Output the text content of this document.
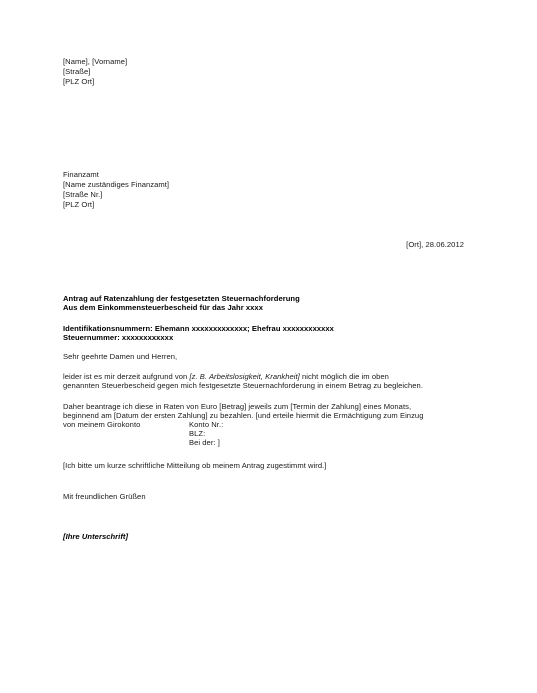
[Name], [Vorname]
[Straße]
[PLZ Ort]
Finanzamt
[Name zuständiges Finanzamt]
[Straße Nr.]
[PLZ Ort]
[Ort], 28.06.2012
Antrag auf Ratenzahlung der festgesetzten Steuernachforderung
Aus dem Einkommensteuerbescheid für das Jahr xxxx
Identifikationsnummern: Ehemann xxxxxxxxxxxxx; Ehefrau xxxxxxxxxxxx
Steuernummer: xxxxxxxxxxxx
Sehr geehrte Damen und Herren,
leider ist es mir derzeit aufgrund von [z. B. Arbeitslosigkeit, Krankheit] nicht möglich die im oben
genannten Steuerbescheid gegen mich festgesetzte Steuernachforderung in einem Betrag zu begleichen.
Daher beantrage ich diese in Raten von Euro [Betrag] jeweils zum [Termin der Zahlung] eines Monats,
beginnend am [Datum der ersten Zahlung] zu bezahlen. [und erteile hiermit die Ermächtigung zum Einzug
von meinem Girokonto	Konto Nr.:
BLZ:
Bei der: ]
[Ich bitte um kurze schriftliche Mitteilung ob meinem Antrag zugestimmt wird.]
Mit freundlichen Grüßen
[Ihre Unterschrift]
